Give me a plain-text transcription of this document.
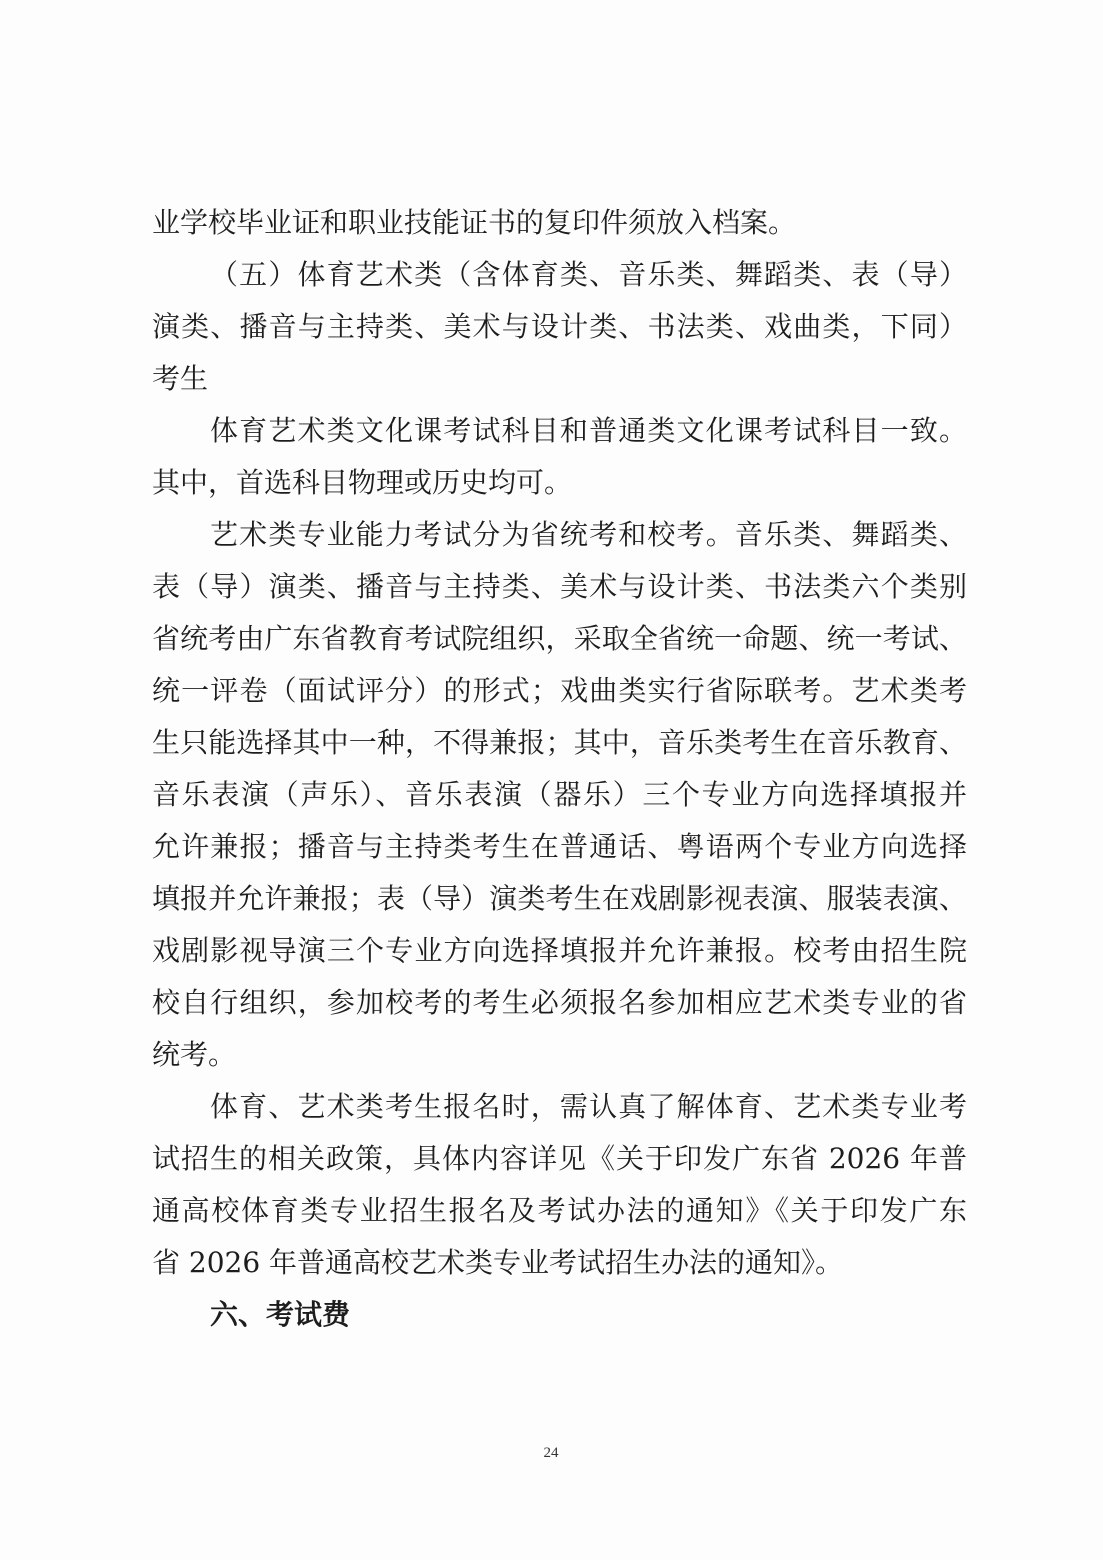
业学校毕业证和职业技能证书的复印件须放入档案。
（五）体育艺术类（含体育类、音乐类、舞蹈类、表（导）
演类、播音与主持类、美术与设计类、书法类、戏曲类，下同）
考生
体育艺术类文化课考试科目和普通类文化课考试科目一致。
其中，首选科目物理或历史均可。
艺术类专业能力考试分为省统考和校考。音乐类、舞蹈类、
表（导）演类、播音与主持类、美术与设计类、书法类六个类别
省统考由广东省教育考试院组织，采取全省统一命题、统一考试、
统一评卷（面试评分）的形式；戏曲类实行省际联考。艺术类考
生只能选择其中一种，不得兼报；其中，音乐类考生在音乐教育、
音乐表演（声乐）、音乐表演（器乐）三个专业方向选择填报并
允许兼报；播音与主持类考生在普通话、粤语两个专业方向选择
填报并允许兼报；表（导）演类考生在戏剧影视表演、服装表演、
戏剧影视导演三个专业方向选择填报并允许兼报。校考由招生院
校自行组织，参加校考的考生必须报名参加相应艺术类专业的省
统考。
体育、艺术类考生报名时，需认真了解体育、艺术类专业考
试招生的相关政策，具体内容详见《关于印发广东省 2026 年普
通高校体育类专业招生报名及考试办法的通知》《关于印发广东
省 2026 年普通高校艺术类专业考试招生办法的通知》。
六、考试费
24
